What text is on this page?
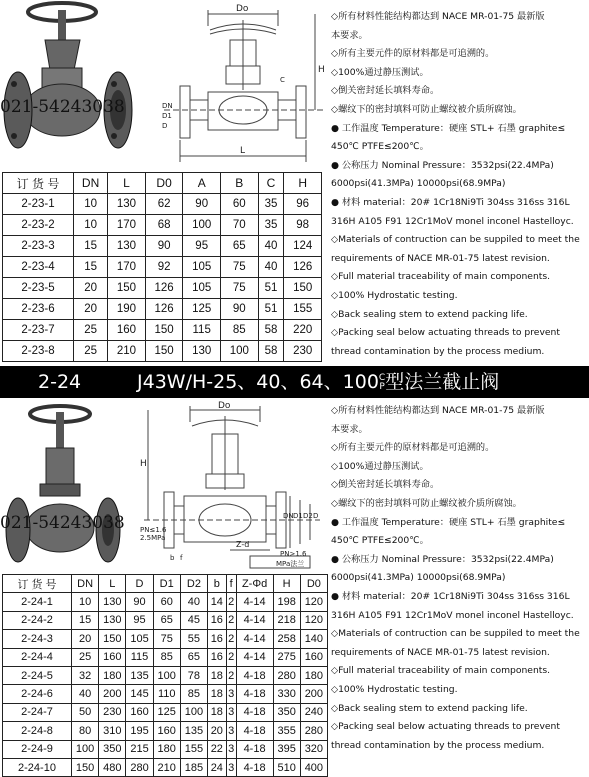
021-54243038
Do
H
L
DN
D1
D
C
订 货 号	DN	L	D0	A	B	C	H
2-23-1	10	130	62	90	60	35	96
2-23-2	10	170	68	100	70	35	98
2-23-3	15	130	90	95	65	40	124
2-23-4	15	170	92	105	75	40	126
2-23-5	20	150	126	105	75	51	150
2-23-6	20	190	126	125	90	51	155
2-23-7	25	160	150	115	85	58	220
2-23-8	25	210	150	130	100	58	230
◇所有材料性能结构都达到 NACE MR-01-75 最新版
本要求。
◇所有主要元件的原材料都是可追溯的。
◇100%通过静压测试。
◇倒关密封延长填料寿命。
◇螺纹下的密封填料可防止螺纹被介质所腐蚀。
● 工作温度 Temperature：硬座 STL+ 石墨 graphite≤
450℃ PTFE≤200℃。
● 公称压力 Nominal Pressure：3532psi(22.4MPa)
6000psi(41.3MPa) 10000psi(68.9MPa)
● 材料 material：20# 1Cr18Ni9Ti 304ss 316ss 316L
316H A105 F91 12Cr1MoV monel inconel Hastelloyc.
◇Materials of contruction can be suppiled to meet the
requirements of NACE MR-01-75 latest revision.
◇Full material traceability of main components.
◇100% Hydrostatic testing.
◇Back sealing stem to extend packing life.
◇Packing seal below actuating threads to prevent
thread contamination by the process medium.
2-24	J43W/H-25、40、64、100 C
P 型法兰截止阀
021-54243038
Do
H
DN D1 D2 D
Z-d
b f
PN≤1.6
2.5MPa
PN>1.6
MPa法兰
订 货 号	DN	L	D	D1	D2	b	f	Z-Φd	H	D0
2-24-1	10	130	90	60	40	14	2	4-14	198	120
2-24-2	15	130	95	65	45	16	2	4-14	218	120
2-24-3	20	150	105	75	55	16	2	4-14	258	140
2-24-4	25	160	115	85	65	16	2	4-14	275	160
2-24-5	32	180	135	100	78	18	2	4-18	280	180
2-24-6	40	200	145	110	85	18	3	4-18	330	200
2-24-7	50	230	160	125	100	18	3	4-18	350	240
2-24-8	80	310	195	160	135	20	3	4-18	355	280
2-24-9	100	350	215	180	155	22	3	4-18	395	320
2-24-10	150	480	280	210	185	24	3	4-18	510	400
◇所有材料性能结构都达到 NACE MR-01-75 最新版
本要求。
◇所有主要元件的原材料都是可追溯的。
◇100%通过静压测试。
◇倒关密封延长填料寿命。
◇螺纹下的密封填料可防止螺纹被介质所腐蚀。
● 工作温度 Temperature：硬座 STL+ 石墨 graphite≤
450℃ PTFE≤200℃。
● 公称压力 Nominal Pressure：3532psi(22.4MPa)
6000psi(41.3MPa) 10000psi(68.9MPa)
● 材料 material：20# 1Cr18Ni9Ti 304ss 316ss 316L
316H A105 F91 12Cr1MoV monel inconel Hastelloyc.
◇Materials of contruction can be suppiled to meet the
requirements of NACE MR-01-75 latest revision.
◇Full material traceability of main components.
◇100% Hydrostatic testing.
◇Back sealing stem to extend packing life.
◇Packing seal below actuating threads to prevent
thread contamination by the process medium.
